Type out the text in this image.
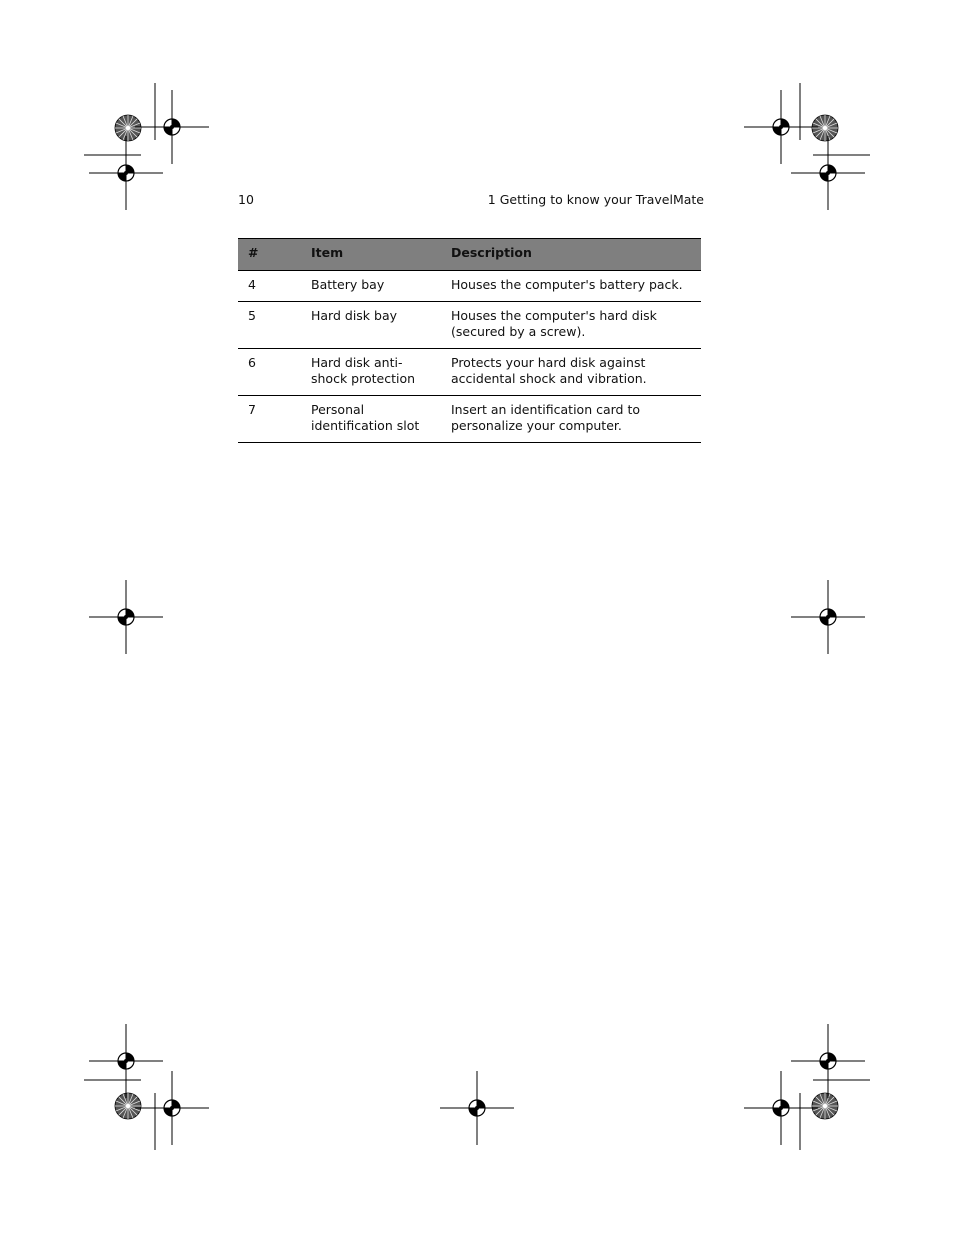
10	1 Getting to know your TravelMate
#	Item	Description
4	Battery bay	Houses the computer's battery pack.
5	Hard disk bay	Houses the computer's hard disk (secured by a screw).
6	Hard disk anti-shock protection	Protects your hard disk against accidental shock and vibration.
7	Personal identification slot	Insert an identification card to personalize your computer.
